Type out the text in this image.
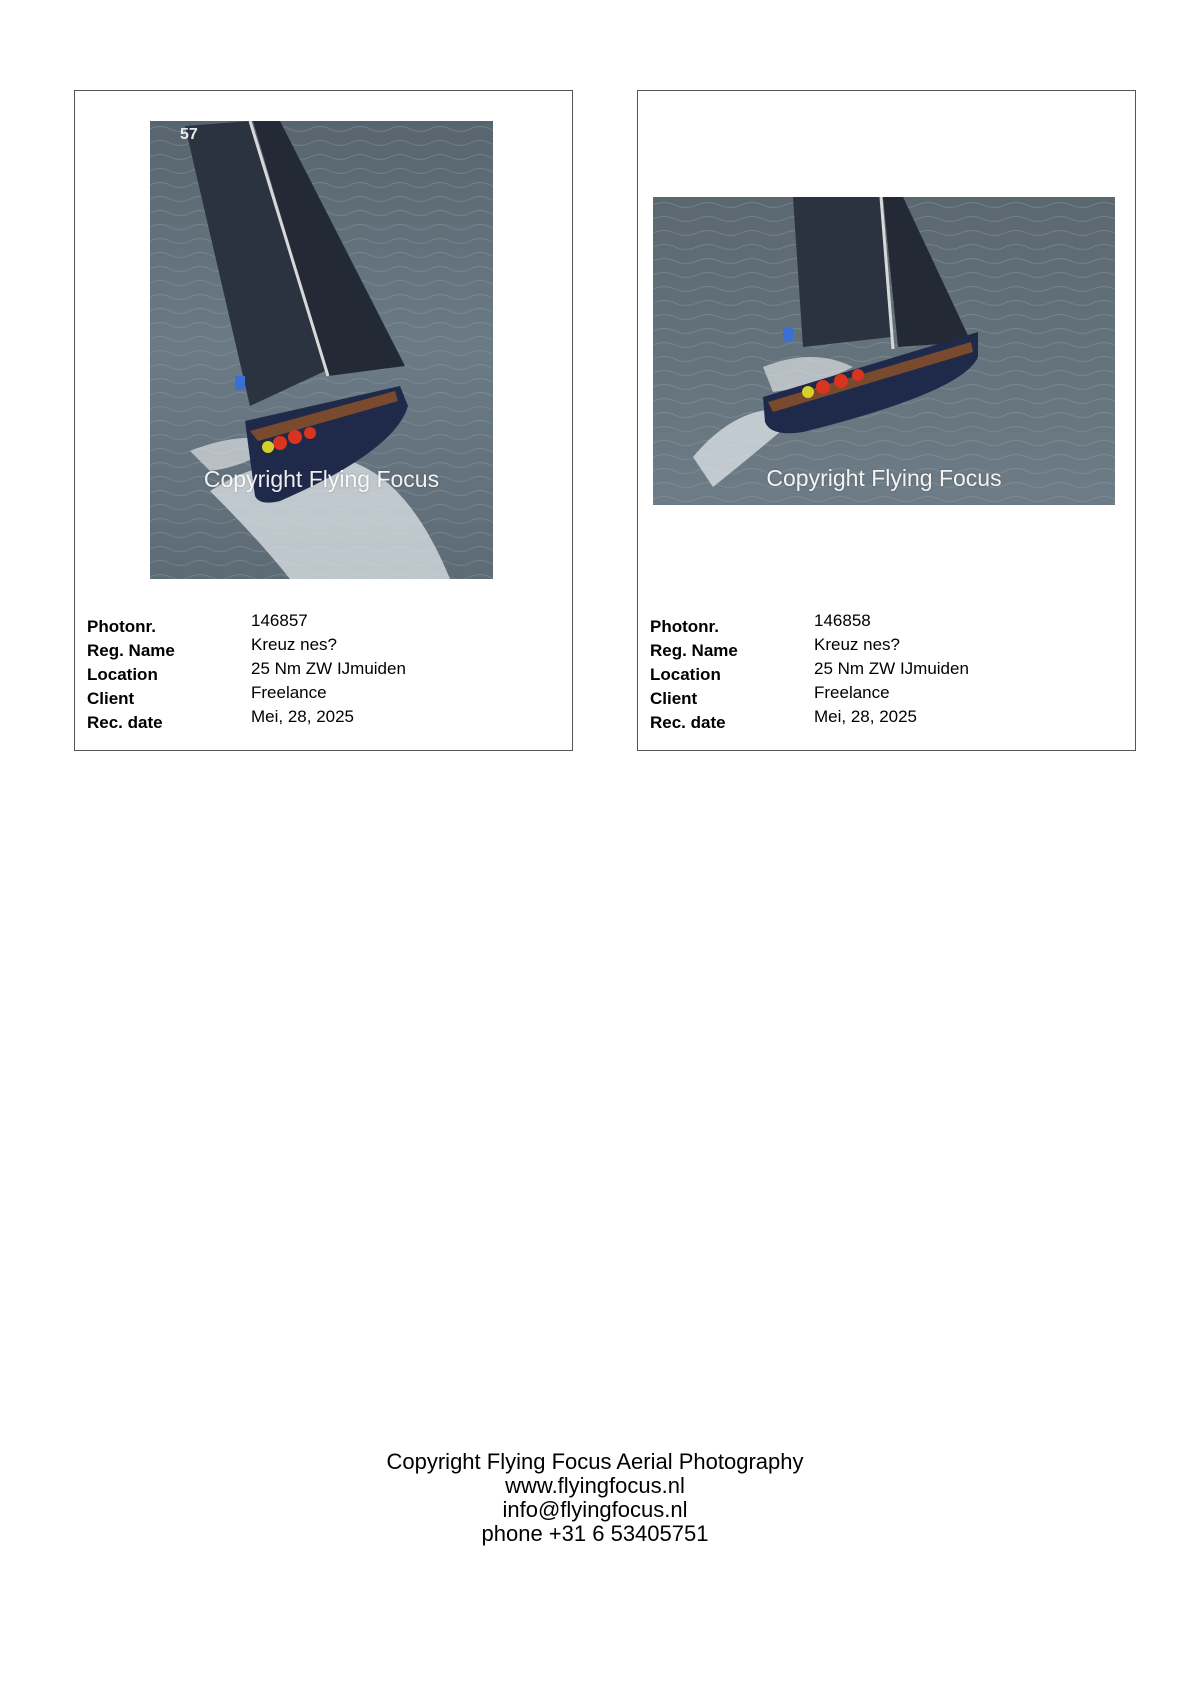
57
Copyright Flying Focus
Photonr.	146857
Reg. Name	Kreuz nes?
Location	25 Nm ZW IJmuiden
Client	Freelance
Rec. date	Mei, 28, 2025
Copyright Flying Focus
Photonr.	146858
Reg. Name	Kreuz nes?
Location	25 Nm ZW IJmuiden
Client	Freelance
Rec. date	Mei, 28, 2025
Copyright Flying Focus Aerial Photography
www.flyingfocus.nl
info@flyingfocus.nl
phone +31 6 53405751
